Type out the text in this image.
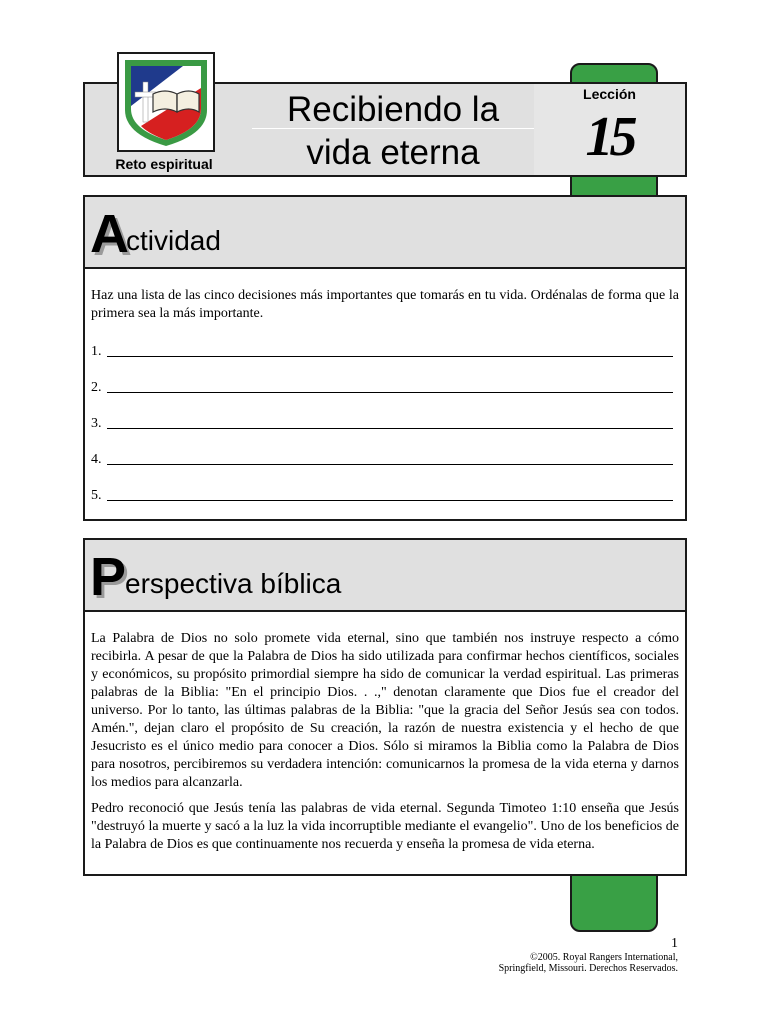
Reto espiritual
Recibiendo la
vida eterna
Lección
15
A
ctividad

Haz una lista de las cinco decisiones más importantes que tomarás en tu vida. Ordénalas de forma que la primera sea la más importante.

1.
2.
3.
4.
5.
P
erspectiva bíblica

La Palabra de Dios no solo promete vida eternal, sino que también nos instruye respecto a cómo recibirla. A pesar de que la Palabra de Dios ha sido utilizada para confirmar hechos científicos, sociales y económicos, su propósito primordial siempre ha sido de comunicar la verdad espiritual. Las primeras palabras de la Biblia: "En el principio Dios. . .," denotan claramente que Dios fue el creador del universo. Por lo tanto, las últimas palabras de la Biblia: "que la gracia del Señor Jesús sea con todos. Amén.", dejan claro el propósito de Su creación, la razón de nuestra existencia y el hecho de que Jesucristo es el único medio para conocer a Dios. Sólo si miramos la Biblia como la Palabra de Dios para nosotros, percibiremos su verdadera intención: comunicarnos la promesa de la vida eterna y darnos los medios para alcanzarla.

Pedro reconoció que Jesús tenía las palabras de vida eternal. Segunda Timoteo 1:10 enseña que Jesús "destruyó la muerte y sacó a la luz la vida incorruptible mediante el evangelio". Uno de los beneficios de la Palabra de Dios es que continuamente nos recuerda y enseña la promesa de vida eterna.

1
©2005. Royal Rangers International,
Springfield, Missouri. Derechos Reservados.
